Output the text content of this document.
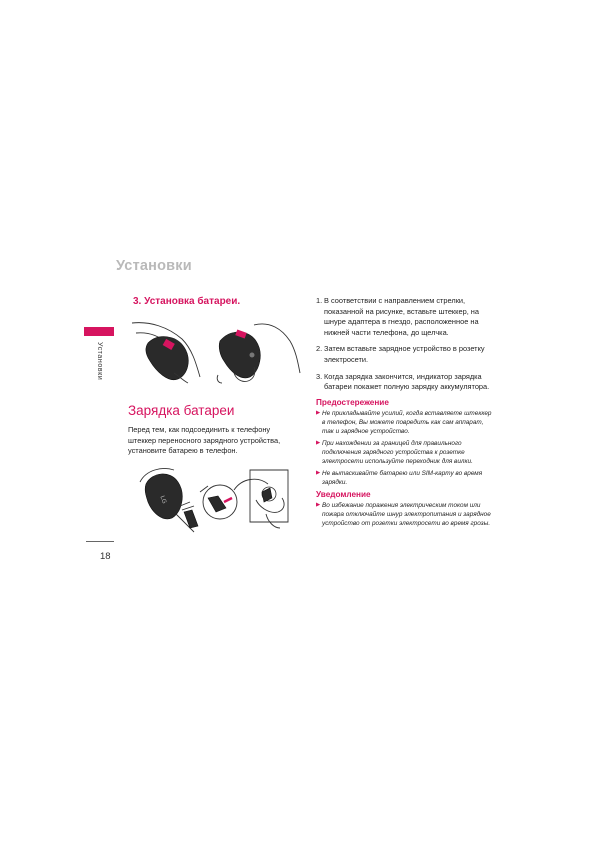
Установки
Установки
18
3. Установка батареи.
Зарядка батареи
Перед тем, как подсоединить к телефону штеккер переносного зарядного устройства, установите батарею в телефон.
LG
1. В соответствии с направлением стрелки, показанной на рисунке, вставьте штеккер, на шнуре адаптера в гнездо, расположенное на нижней части телефона, до щелчка.
2. Затем вставьте зарядное устройство в розетку электросети.
3. Когда зарядка закончится, индикатор зарядка батареи покажет полную зарядку аккумулятора.
Предостережение
▶ Не прикладывайте усилий, когда вставляете штеккер в телефон, Вы можете повредить как сам аппарат, так и зарядное устройство.
▶ При нахождении за границей для правильного подключения зарядного устройства к розетке электросети используйте переходник для вилки.
▶ Не вытаскивайте батарею или SIM-карту во время зарядки.
Уведомление
▶ Во избежание поражения электрическим током или пожара отключайте шнур электропитания и зарядное устройство от розетки электросети во время грозы.
